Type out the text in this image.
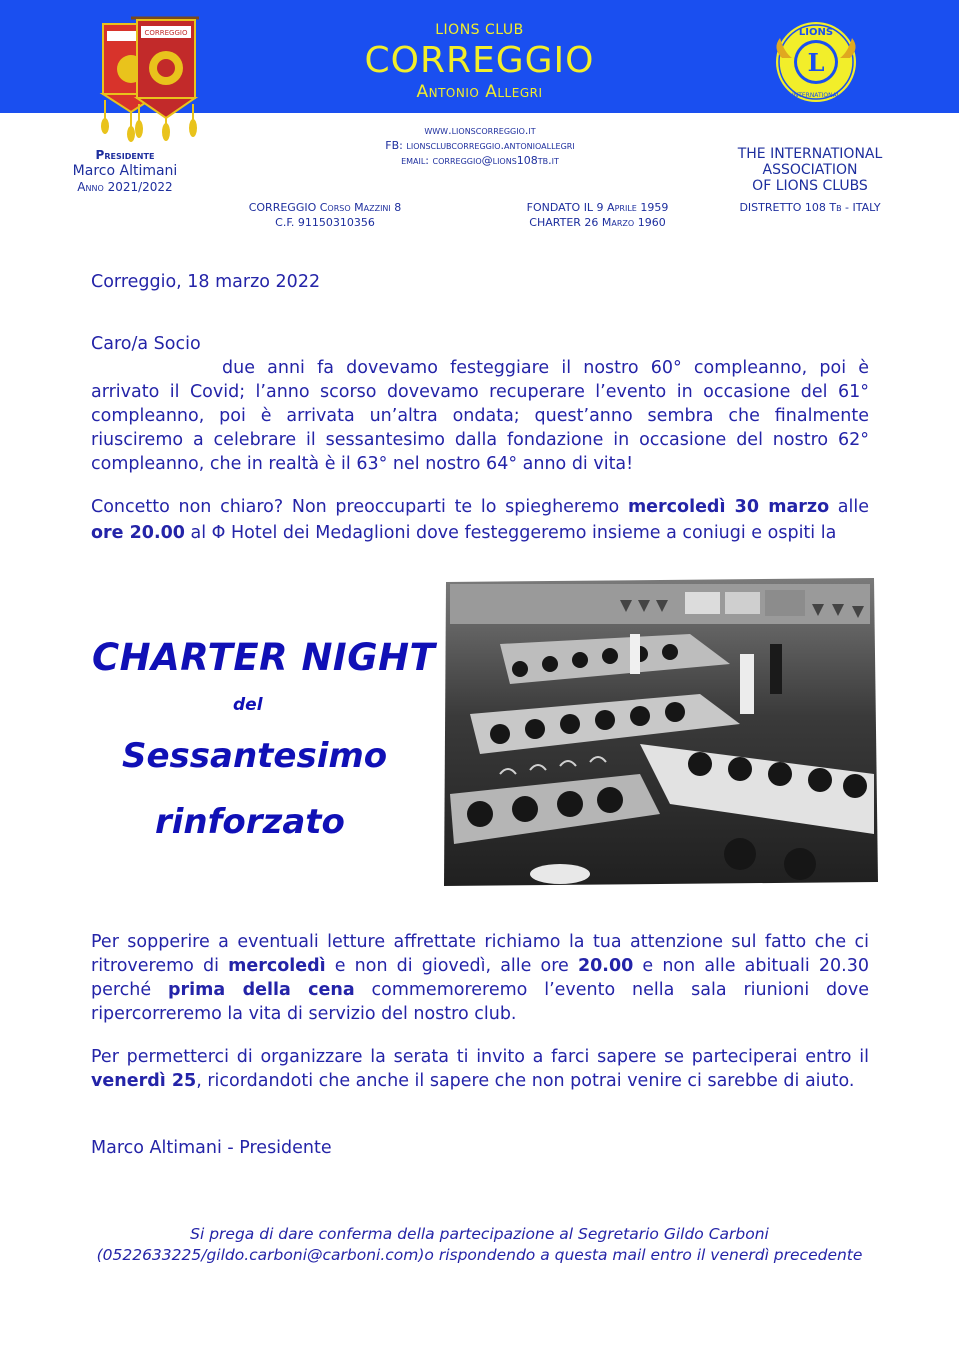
CORREGGIO	LIONS CLUB
CORREGGIO
Antonio Allegri
L
LIONS
INTERNATIONAL
www.lionscorreggio.it
FB: lionsclubcorreggio.antonioallegri
email: correggio@lions108tb.it
Presidente
Marco Altimani
Anno 2021/2022
THE INTERNATIONAL
ASSOCIATION
OF LIONS CLUBS
DISTRETTO 108 Tb - ITALY
CORREGGIO Corso Mazzini 8
C.F. 91150310356
FONDATO IL 9 Aprile 1959
CHARTER 26 Marzo 1960
Correggio, 18 marzo 2022
Caro/a Socio
due anni fa dovevamo festeggiare il nostro 60° compleanno, poi è arrivato il Covid; l’anno scorso dovevamo recuperare l’evento in occasione del 61° compleanno, poi è arrivata un’altra ondata; quest’anno sembra che finalmente riusciremo a celebrare il sessantesimo dalla fondazione in occasione del nostro 62° compleanno, che in realtà è il 63° nel nostro 64° anno di vita!
Concetto non chiaro? Non preoccuparti te lo spiegheremo mercoledì 30 marzo alle ore 20.00 al Φ Hotel dei Medaglioni dove festeggeremo insieme a coniugi e ospiti la
CHARTER NIGHT
del
Sessantesimo
rinforzato
Per sopperire a eventuali letture affrettate richiamo la tua attenzione sul fatto che ci ritroveremo di mercoledì e non di giovedì, alle ore 20.00 e non alle abituali 20.30 perché prima della cena commemoreremo l’evento nella sala riunioni dove ripercorreremo la vita di servizio del nostro club.
Per permetterci di organizzare la serata ti invito a farci sapere se parteciperai entro il venerdì 25, ricordandoti che anche il sapere che non potrai venire ci sarebbe di aiuto.
Marco Altimani - Presidente
Si prega di dare conferma della partecipazione al Segretario Gildo Carboni
(0522633225/gildo.carboni@carboni.com)o rispondendo a questa mail entro il venerdì precedente
